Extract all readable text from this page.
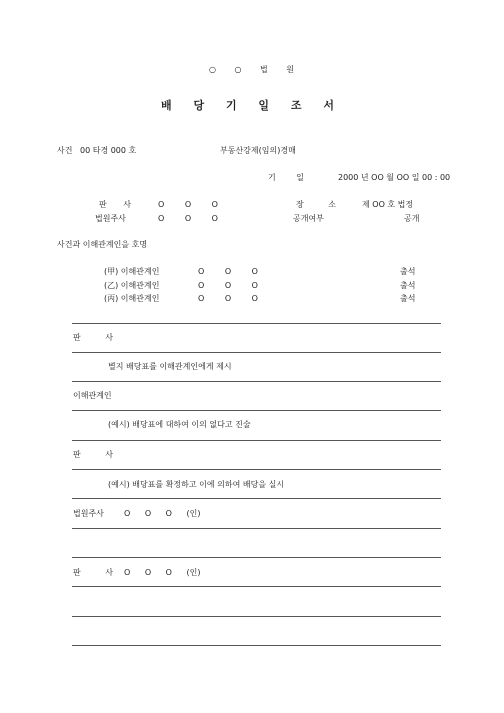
○ ○ 법 원
배 당 기 일 조 서
사건 00 타경 000 호	부동산강제(임의)경매
기 일	2000 년 OO 월 OO 일 00 : 00
판 사	O O O	장 소	제 OO 호 법정
법원주사	O O O	공개여부	공개
사건과 이해관계인을 호명
(甲) 이해관계인	O O O	출석
(乙) 이해관계인	O O O	출석
(丙) 이해관계인	O O O	출석
판 사
별지 배당표를 이해관계인에게 제시
이해관계인
(예시) 배당표에 대하여 이의 없다고 진술
판 사
(예시) 배당표를 확정하고 이에 의하여 배당을 실시
법원주사	O O O (인)
판 사 O O O (인)
